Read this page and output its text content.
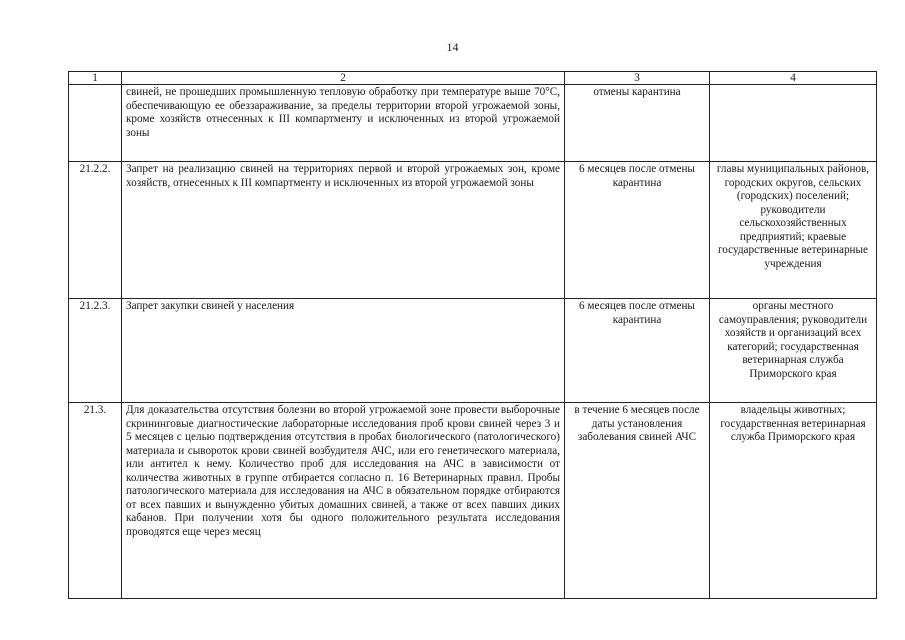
14
1	2	3	4
	свиней, не прошедших промышленную тепловую обработку при температуре выше 70°С, обеспечивающую ее обеззараживание, за пределы территории второй угрожаемой зоны, кроме хозяйств отнесенных к III компартменту и исключенных из второй угрожаемой зоны	отмены карантина	
21.2.2.	Запрет на реализацию свиней на территориях первой и второй угрожаемых зон, кроме хозяйств, отнесенных к III компартменту и исключенных из второй угрожаемой зоны	6 месяцев после отмены карантина	главы муниципальных районов, городских округов, сельских (городских) поселений; руководители сельскохозяйственных предприятий; краевые государственные ветеринарные учреждения
21.2.3.	Запрет закупки свиней у населения	6 месяцев после отмены карантина	органы местного самоуправления; руководители хозяйств и организаций всех категорий; государственная ветеринарная служба Приморского края
21.3.	Для доказательства отсутствия болезни во второй угрожаемой зоне провести выборочные скрининговые диагностические лабораторные исследования проб крови свиней через 3 и 5 месяцев с целью подтверждения отсутствия в пробах биологического (патологического) материала и сывороток крови свиней возбудителя АЧС, или его генетического материала, или антител к нему. Количество проб для исследования на АЧС в зависимости от количества животных в группе отбирается согласно п. 16 Ветеринарных правил. Пробы патологического материала для исследования на АЧС в обязательном порядке отбираются от всех павших и вынужденно убитых домашних свиней, а также от всех павших диких кабанов. При получении хотя бы одного положительного результата исследования проводятся еще через месяц	в течение 6 месяцев после даты установления заболевания свиней АЧС	владельцы животных; государственная ветеринарная служба Приморского края
